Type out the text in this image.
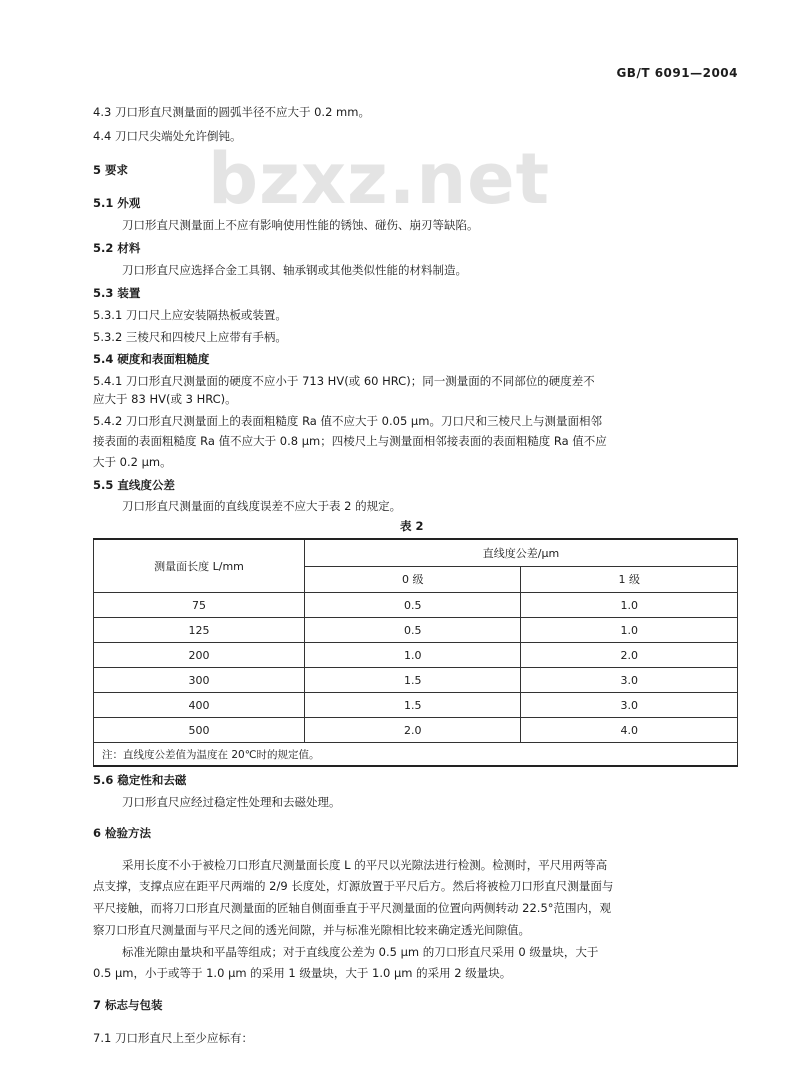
GB/T 6091—2004
bzxz.net
4.3 刀口形直尺测量面的圆弧半径不应大于 0.2 mm。
4.4 刀口尺尖端处允许倒钝。
5 要求
5.1 外观
刀口形直尺测量面上不应有影响使用性能的锈蚀、碰伤、崩刃等缺陷。
5.2 材料
刀口形直尺应选择合金工具钢、轴承钢或其他类似性能的材料制造。
5.3 装置
5.3.1 刀口尺上应安装隔热板或装置。
5.3.2 三棱尺和四棱尺上应带有手柄。
5.4 硬度和表面粗糙度
5.4.1 刀口形直尺测量面的硬度不应小于 713 HV(或 60 HRC)；同一测量面的不同部位的硬度差不
应大于 83 HV(或 3 HRC)。
5.4.2 刀口形直尺测量面上的表面粗糙度 Ra 值不应大于 0.05 μm。刀口尺和三棱尺上与测量面相邻
接表面的表面粗糙度 Ra 值不应大于 0.8 μm；四棱尺上与测量面相邻接表面的表面粗糙度 Ra 值不应
大于 0.2 μm。
5.5 直线度公差
刀口形直尺测量面的直线度误差不应大于表 2 的规定。
表 2
测量面长度 L/mm	直线度公差/μm	
	0 级	1 级
75	0.5	1.0
125	0.5	1.0
200	1.0	2.0
300	1.5	3.0
400	1.5	3.0
500	2.0	4.0
注：直线度公差值为温度在 20℃时的规定值。		
5.6 稳定性和去磁
刀口形直尺应经过稳定性处理和去磁处理。
6 检验方法
采用长度不小于被检刀口形直尺测量面长度 L 的平尺以光隙法进行检测。检测时，平尺用两等高
点支撑，支撑点应在距平尺两端的 2/9 长度处，灯源放置于平尺后方。然后将被检刀口形直尺测量面与
平尺接触，而将刀口形直尺测量面的匠轴自侧面垂直于平尺测量面的位置向两侧转动 22.5°范围内，观
察刀口形直尺测量面与平尺之间的透光间隙，并与标准光隙相比较来确定透光间隙值。
标准光隙由量块和平晶等组成；对于直线度公差为 0.5 μm 的刀口形直尺采用 0 级量块，大于
0.5 μm，小于或等于 1.0 μm 的采用 1 级量块，大于 1.0 μm 的采用 2 级量块。
7 标志与包装
7.1 刀口形直尺上至少应标有：
